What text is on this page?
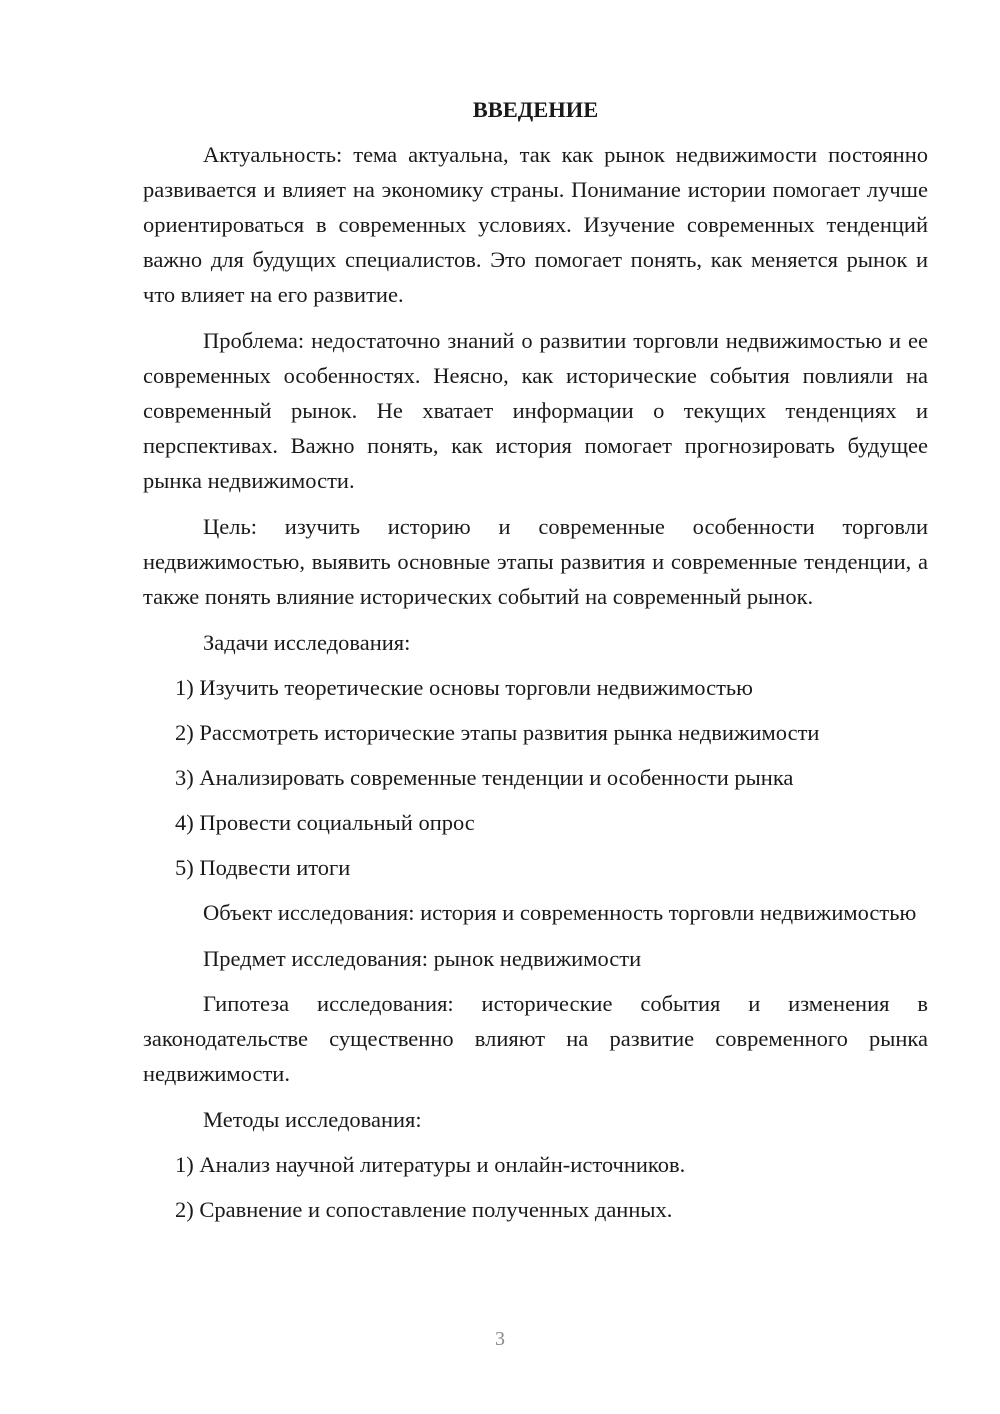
ВВЕДЕНИЕ

Актуальность: тема актуальна, так как рынок недвижимости постоянно развивается и влияет на экономику страны. Понимание истории помогает лучше ориентироваться в современных условиях. Изучение современных тенденций важно для будущих специалистов. Это помогает понять, как меняется рынок и что влияет на его развитие.

Проблема: недостаточно знаний о развитии торговли недвижимостью и ее современных особенностях. Неясно, как исторические события повлияли на современный рынок. Не хватает информации о текущих тенденциях и перспективах. Важно понять, как история помогает прогнозировать будущее рынка недвижимости.

Цель: изучить историю и современные особенности торговли недвижимостью, выявить основные этапы развития и современные тенденции, а также понять влияние исторических событий на современный рынок.

Задачи исследования:

1) Изучить теоретические основы торговли недвижимостью
2) Рассмотреть исторические этапы развития рынка недвижимости
3) Анализировать современные тенденции и особенности рынка
4) Провести социальный опрос
5) Подвести итоги

Объект исследования: история и современность торговли недвижимостью

Предмет исследования: рынок недвижимости

Гипотеза исследования: исторические события и изменения в законодательстве существенно влияют на развитие современного рынка недвижимости.

Методы исследования:

1) Анализ научной литературы и онлайн-источников.
2) Сравнение и сопоставление полученных данных.
3
